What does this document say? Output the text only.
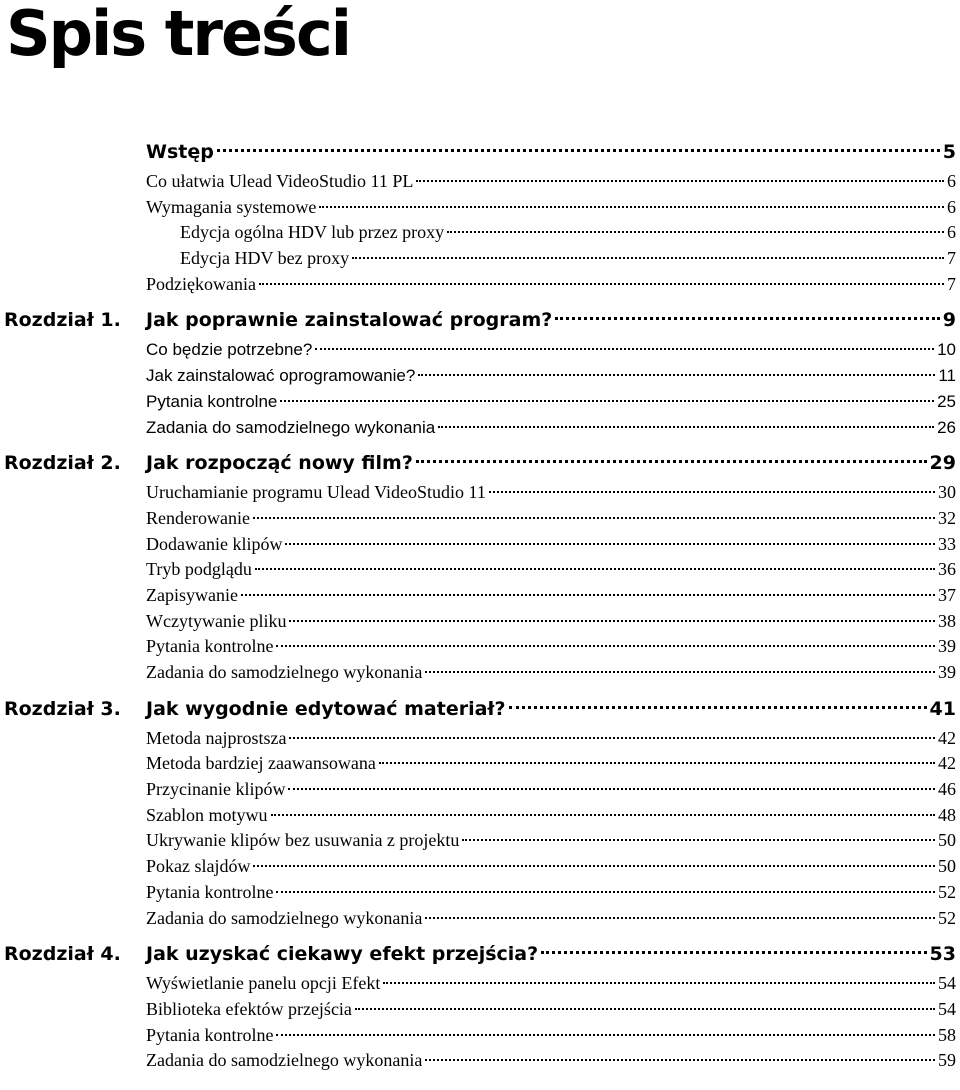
Spis treści
Wstęp	5
Co ułatwia Ulead VideoStudio 11 PL	6
Wymagania systemowe	6
Edycja ogólna HDV lub przez proxy	6
Edycja HDV bez proxy	7
Podziękowania	7
Rozdział 1. Jak poprawnie zainstalować program?	9
Co będzie potrzebne?	10
Jak zainstalować oprogramowanie?	11
Pytania kontrolne	25
Zadania do samodzielnego wykonania	26
Rozdział 2. Jak rozpocząć nowy film?	29
Uruchamianie programu Ulead VideoStudio 11	30
Renderowanie	32
Dodawanie klipów	33
Tryb podglądu	36
Zapisywanie	37
Wczytywanie pliku	38
Pytania kontrolne	39
Zadania do samodzielnego wykonania	39
Rozdział 3. Jak wygodnie edytować materiał?	41
Metoda najprostsza	42
Metoda bardziej zaawansowana	42
Przycinanie klipów	46
Szablon motywu	48
Ukrywanie klipów bez usuwania z projektu	50
Pokaz slajdów	50
Pytania kontrolne	52
Zadania do samodzielnego wykonania	52
Rozdział 4. Jak uzyskać ciekawy efekt przejścia?	53
Wyświetlanie panelu opcji Efekt	54
Biblioteka efektów przejścia	54
Pytania kontrolne	58
Zadania do samodzielnego wykonania	59
